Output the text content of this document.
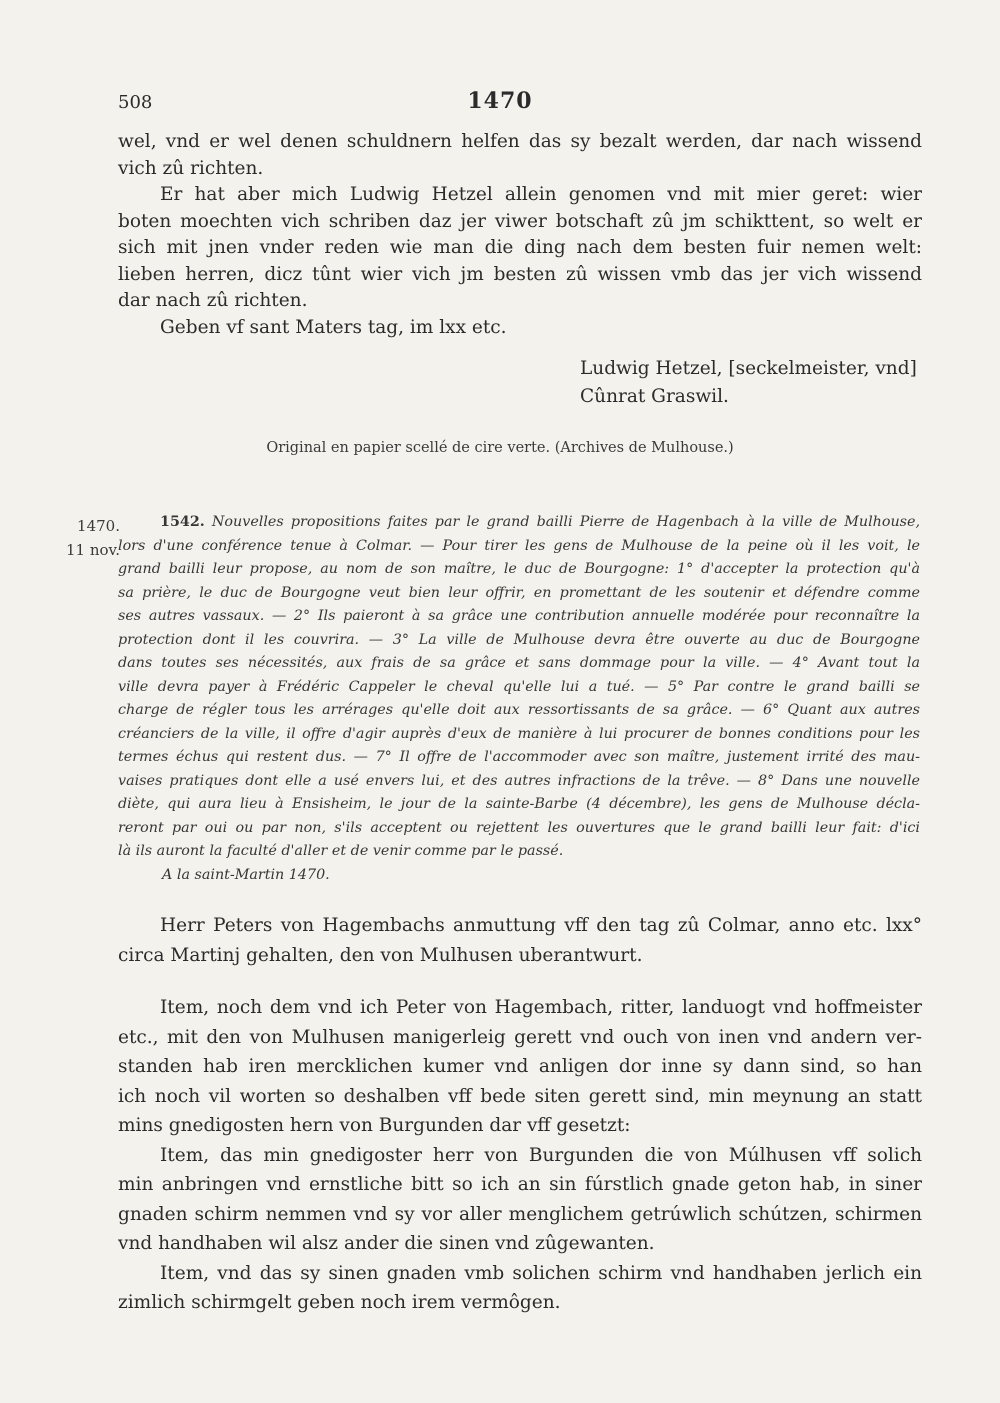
508	1470
wel, vnd er wel denen schuldnern helfen das sy bezalt werden, dar nach wissend
vich zû richten.
Er hat aber mich Ludwig Hetzel allein genomen vnd mit mier geret: wier
boten moechten vich schriben daz jer viwer botschaft zû jm schikttent, so welt er
sich mit jnen vnder reden wie man die ding nach dem besten fuir nemen welt:
lieben herren, dicz tûnt wier vich jm besten zû wissen vmb das jer vich wissend
dar nach zû richten.
Geben vf sant Maters tag, im lxx etc.
Ludwig Hetzel, [seckelmeister, vnd]
Cûnrat Graswil.
Original en papier scellé de cire verte. (Archives de Mulhouse.)
1470.
11 nov.
1542. Nouvelles propositions faites par le grand bailli Pierre de Hagenbach à la ville de Mulhouse,
lors d'une conférence tenue à Colmar. — Pour tirer les gens de Mulhouse de la peine où il les voit, le
grand bailli leur propose, au nom de son maître, le duc de Bourgogne: 1° d'accepter la protection qu'à
sa prière, le duc de Bourgogne veut bien leur offrir, en promettant de les soutenir et défendre comme
ses autres vassaux. — 2° Ils paieront à sa grâce une contribution annuelle modérée pour reconnaître la
protection dont il les couvrira. — 3° La ville de Mulhouse devra être ouverte au duc de Bourgogne
dans toutes ses nécessités, aux frais de sa grâce et sans dommage pour la ville. — 4° Avant tout la
ville devra payer à Frédéric Cappeler le cheval qu'elle lui a tué. — 5° Par contre le grand bailli se
charge de régler tous les arrérages qu'elle doit aux ressortissants de sa grâce. — 6° Quant aux autres
créanciers de la ville, il offre d'agir auprès d'eux de manière à lui procurer de bonnes conditions pour les
termes échus qui restent dus. — 7° Il offre de l'accommoder avec son maître, justement irrité des mau-
vaises pratiques dont elle a usé envers lui, et des autres infractions de la trêve. — 8° Dans une nouvelle
diète, qui aura lieu à Ensisheim, le jour de la sainte-Barbe (4 décembre), les gens de Mulhouse décla-
reront par oui ou par non, s'ils acceptent ou rejettent les ouvertures que le grand bailli leur fait: d'ici
là ils auront la faculté d'aller et de venir comme par le passé.
A la saint-Martin 1470.
Herr Peters von Hagembachs anmuttung vff den tag zû Colmar, anno etc. lxx°
circa Martinj gehalten, den von Mulhusen uberantwurt.
Item, noch dem vnd ich Peter von Hagembach, ritter, landuogt vnd hoffmeister
etc., mit den von Mulhusen manigerleig gerett vnd ouch von inen vnd andern ver-
standen hab iren mercklichen kumer vnd anligen dor inne sy dann sind, so han
ich noch vil worten so deshalben vff bede siten gerett sind, min meynung an statt
mins gnedigosten hern von Burgunden dar vff gesetzt:
Item, das min gnedigoster herr von Burgunden die von Múlhusen vff solich
min anbringen vnd ernstliche bitt so ich an sin fúrstlich gnade geton hab, in siner
gnaden schirm nemmen vnd sy vor aller menglichem getrúwlich schútzen, schirmen
vnd handhaben wil alsz ander die sinen vnd zûgewanten.
Item, vnd das sy sinen gnaden vmb solichen schirm vnd handhaben jerlich ein
zimlich schirmgelt geben noch irem vermôgen.
